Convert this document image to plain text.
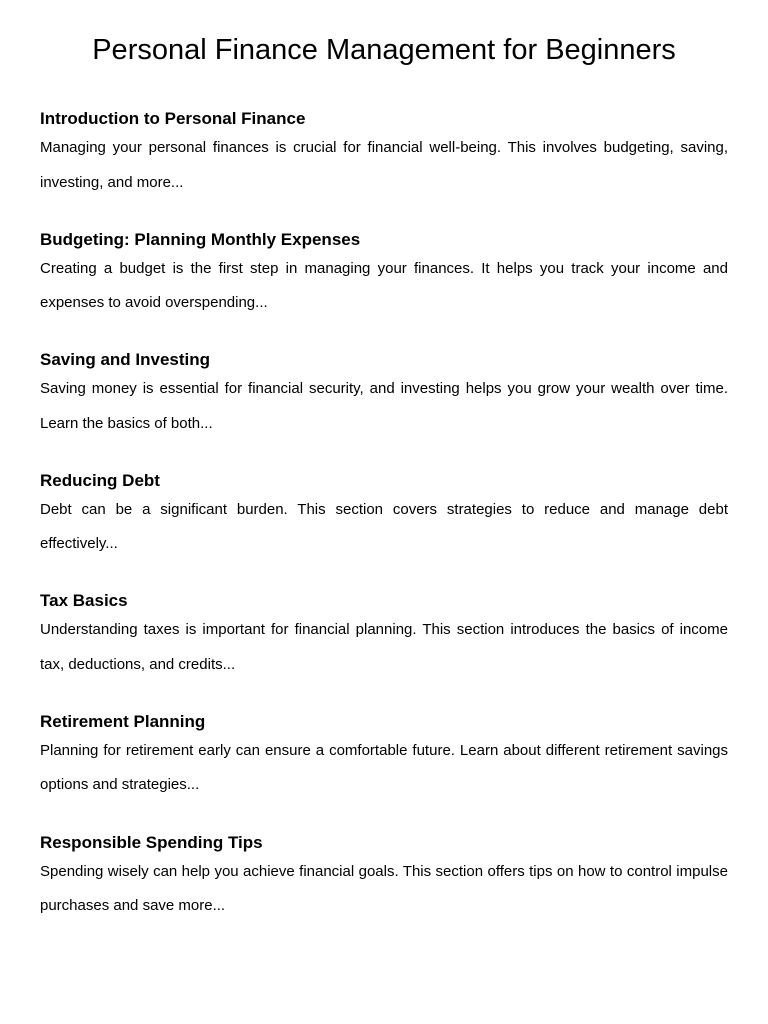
Personal Finance Management for Beginners
Introduction to Personal Finance

Managing your personal finances is crucial for financial well-being. This involves budgeting, saving, investing, and more...

Budgeting: Planning Monthly Expenses

Creating a budget is the first step in managing your finances. It helps you track your income and expenses to avoid overspending...

Saving and Investing

Saving money is essential for financial security, and investing helps you grow your wealth over time. Learn the basics of both...

Reducing Debt

Debt can be a significant burden. This section covers strategies to reduce and manage debt effectively...

Tax Basics

Understanding taxes is important for financial planning. This section introduces the basics of income tax, deductions, and credits...

Retirement Planning

Planning for retirement early can ensure a comfortable future. Learn about different retirement savings options and strategies...

Responsible Spending Tips

Spending wisely can help you achieve financial goals. This section offers tips on how to control impulse purchases and save more...
